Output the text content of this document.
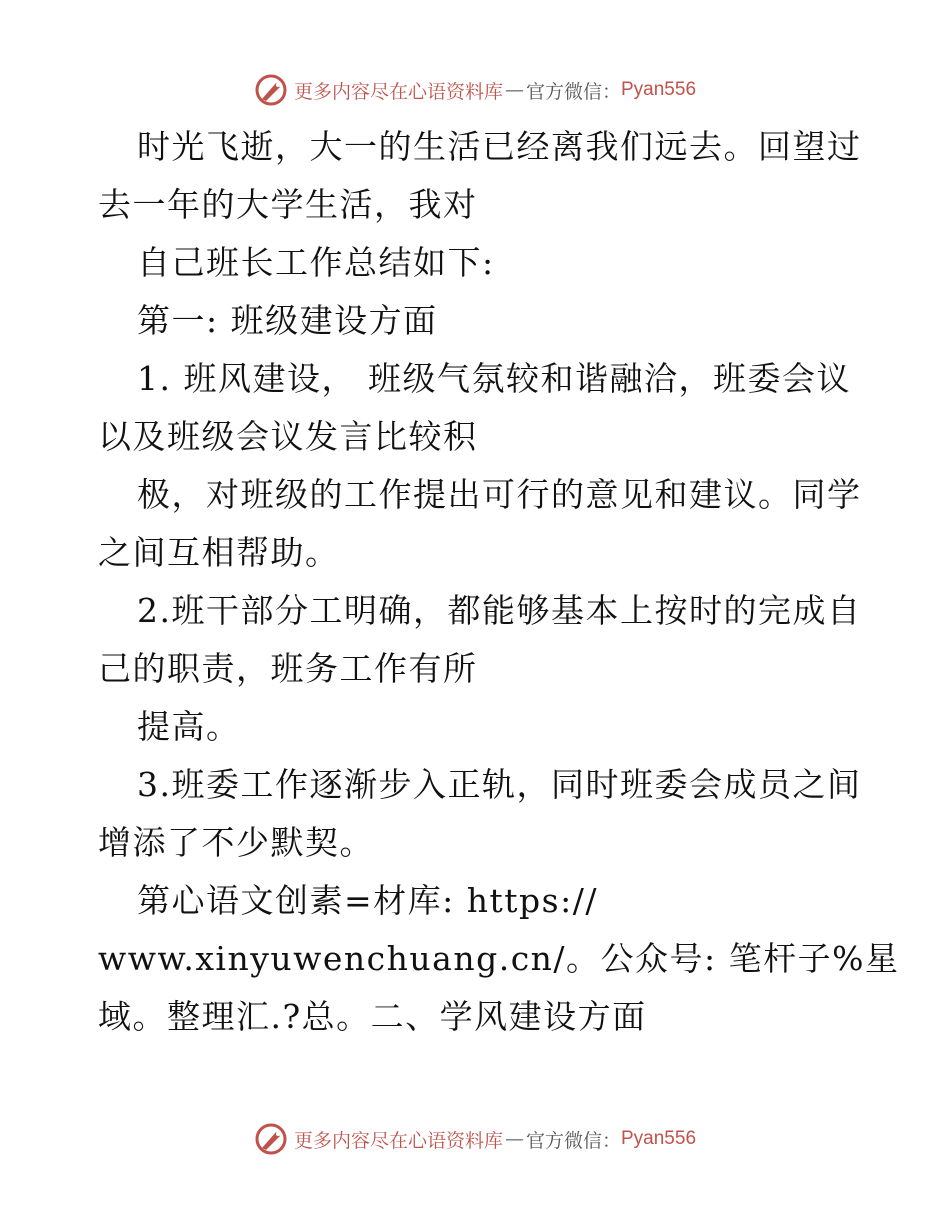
更多内容尽在心语资料库 — 官方微信： Pyan556
时光飞逝，大一的生活已经离我们远去。回望过
去一年的大学生活，我对
自己班长工作总结如下:
第一: 班级建设方面
1. 班风建设， 班级气氛较和谐融洽，班委会议
以及班级会议发言比较积
极，对班级的工作提出可行的意见和建议。同学
之间互相帮助。
2.班干部分工明确，都能够基本上按时的完成自
己的职责，班务工作有所
提高。
3.班委工作逐渐步入正轨，同时班委会成员之间
增添了不少默契。
第心语文创素=材库: https://
www.xinyuwenchuang.cn/。公众号: 笔杆子%星
域。整理汇.?总。二、学风建设方面
更多内容尽在心语资料库 — 官方微信： Pyan556
